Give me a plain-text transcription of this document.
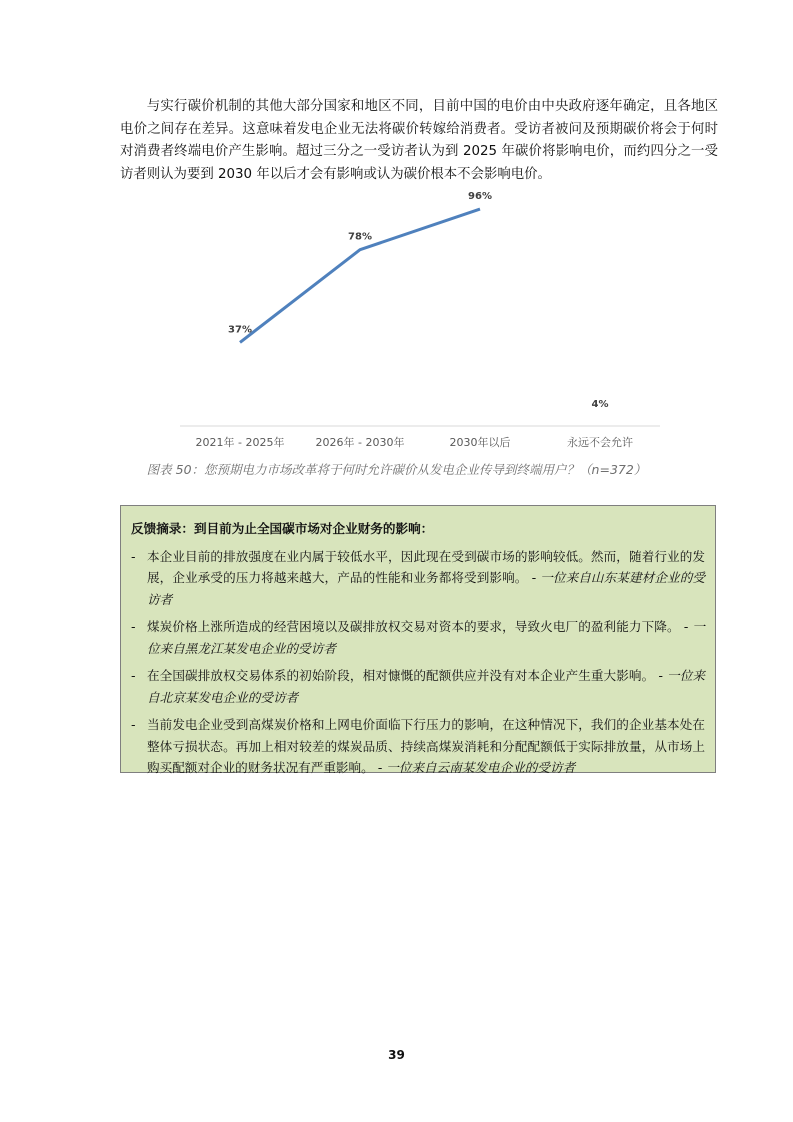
与实行碳价机制的其他大部分国家和地区不同，目前中国的电价由中央政府逐年确定，且各地区电价之间存在差异。这意味着发电企业无法将碳价转嫁给消费者。受访者被问及预期碳价将会于何时对消费者终端电价产生影响。超过三分之一受访者认为到 2025 年碳价将影响电价，而约四分之一受访者则认为要到 2030 年以后才会有影响或认为碳价根本不会影响电价。

37%
78%
96%
4%
2021年 - 2025年	2026年 - 2030年	2030年以后	永远不会允许
图表 50：您预期电力市场改革将于何时允许碳价从发电企业传导到终端用户？（n=372）

反馈摘录：到目前为止全国碳市场对企业财务的影响：

- 本企业目前的排放强度在业内属于较低水平，因此现在受到碳市场的影响较低。然而，随着行业的发展，企业承受的压力将越来越大，产品的性能和业务都将受到影响。 - 一位来自山东某建材企业的受访者
- 煤炭价格上涨所造成的经营困境以及碳排放权交易对资本的要求，导致火电厂的盈利能力下降。 - 一位来自黑龙江某发电企业的受访者
- 在全国碳排放权交易体系的初始阶段，相对慷慨的配额供应并没有对本企业产生重大影响。 - 一位来自北京某发电企业的受访者
- 当前发电企业受到高煤炭价格和上网电价面临下行压力的影响，在这种情况下，我们的企业基本处在整体亏损状态。再加上相对较差的煤炭品质、持续高煤炭消耗和分配配额低于实际排放量，从市场上购买配额对企业的财务状况有严重影响。 - 一位来自云南某发电企业的受访者
39
